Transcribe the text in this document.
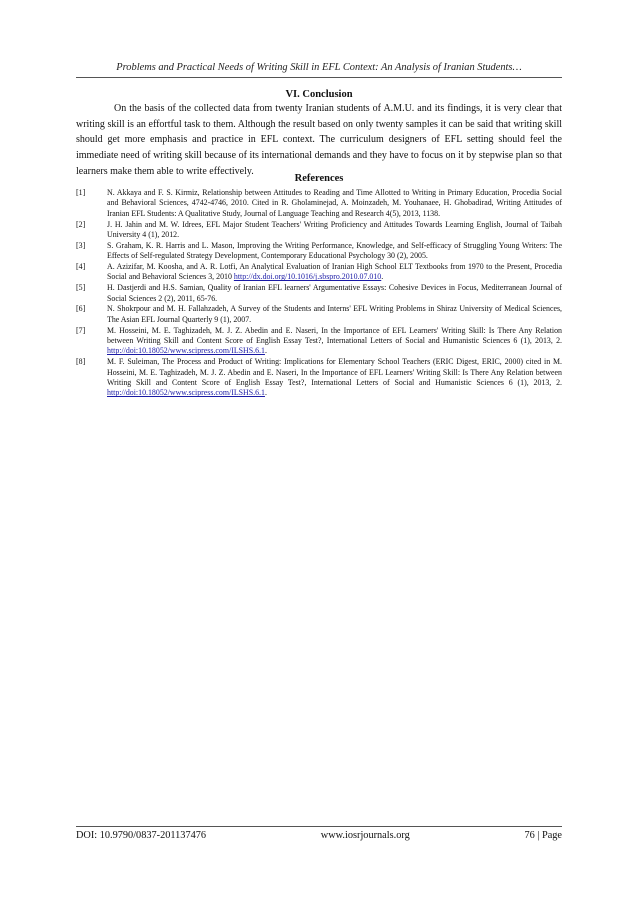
Problems and Practical Needs of Writing Skill in EFL Context: An Analysis of Iranian Students…
VI. Conclusion

On the basis of the collected data from twenty Iranian students of A.M.U. and its findings, it is very clear that writing skill is an effortful task to them. Although the result based on only twenty samples it can be said that writing skill should get more emphasis and practice in EFL context. The curriculum designers of EFL setting should feel the immediate need of writing skill because of its international demands and they have to focus on it by stepwise plan so that learners make them able to write effectively.

References
[1]	N. Akkaya and F. S. Kirmiz, Relationship between Attitudes to Reading and Time Allotted to Writing in Primary Education, Procedia Social and Behavioral Sciences, 4742-4746, 2010. Cited in R. Gholaminejad, A. Moinzadeh, M. Youhanaee, H. Ghobadirad, Writing Attitudes of Iranian EFL Students: A Qualitative Study, Journal of Language Teaching and Research 4(5), 2013, 1138.
[2]	J. H. Jahin and M. W. Idrees, EFL Major Student Teachers' Writing Proficiency and Attitudes Towards Learning English, Journal of Taibah University 4 (1), 2012.
[3]	S. Graham, K. R. Harris and L. Mason, Improving the Writing Performance, Knowledge, and Self-efficacy of Struggling Young Writers: The Effects of Self-regulated Strategy Development, Contemporary Educational Psychology 30 (2), 2005.
[4]	A. Azizifar, M. Koosha, and A. R. Lotfi, An Analytical Evaluation of Iranian High School ELT Textbooks from 1970 to the Present, Procedia Social and Behavioral Sciences 3, 2010 http://dx.doi.org/10.1016/j.sbspro.2010.07.010.
[5]	H. Dastjerdi and H.S. Samian, Quality of Iranian EFL learners' Argumentative Essays: Cohesive Devices in Focus, Mediterranean Journal of Social Sciences 2 (2), 2011, 65-76.
[6]	N. Shokrpour and M. H. Fallahzadeh, A Survey of the Students and Interns' EFL Writing Problems in Shiraz University of Medical Sciences, The Asian EFL Journal Quarterly 9 (1), 2007.
[7]	M. Hosseini, M. E. Taghizadeh, M. J. Z. Abedin and E. Naseri, In the Importance of EFL Learners' Writing Skill: Is There Any Relation between Writing Skill and Content Score of English Essay Test?, International Letters of Social and Humanistic Sciences 6 (1), 2013, 2. http://doi:10.18052/www.scipress.com/ILSHS.6.1.
[8]	M. F. Suleiman, The Process and Product of Writing: Implications for Elementary School Teachers (ERIC Digest, ERIC, 2000) cited in M. Hosseini, M. E. Taghizadeh, M. J. Z. Abedin and E. Naseri, In the Importance of EFL Learners' Writing Skill: Is There Any Relation between Writing Skill and Content Score of English Essay Test?, International Letters of Social and Humanistic Sciences 6 (1), 2013, 2. http://doi:10.18052/www.scipress.com/ILSHS.6.1.
DOI: 10.9790/0837-201137476	www.iosrjournals.org	76 | Page
